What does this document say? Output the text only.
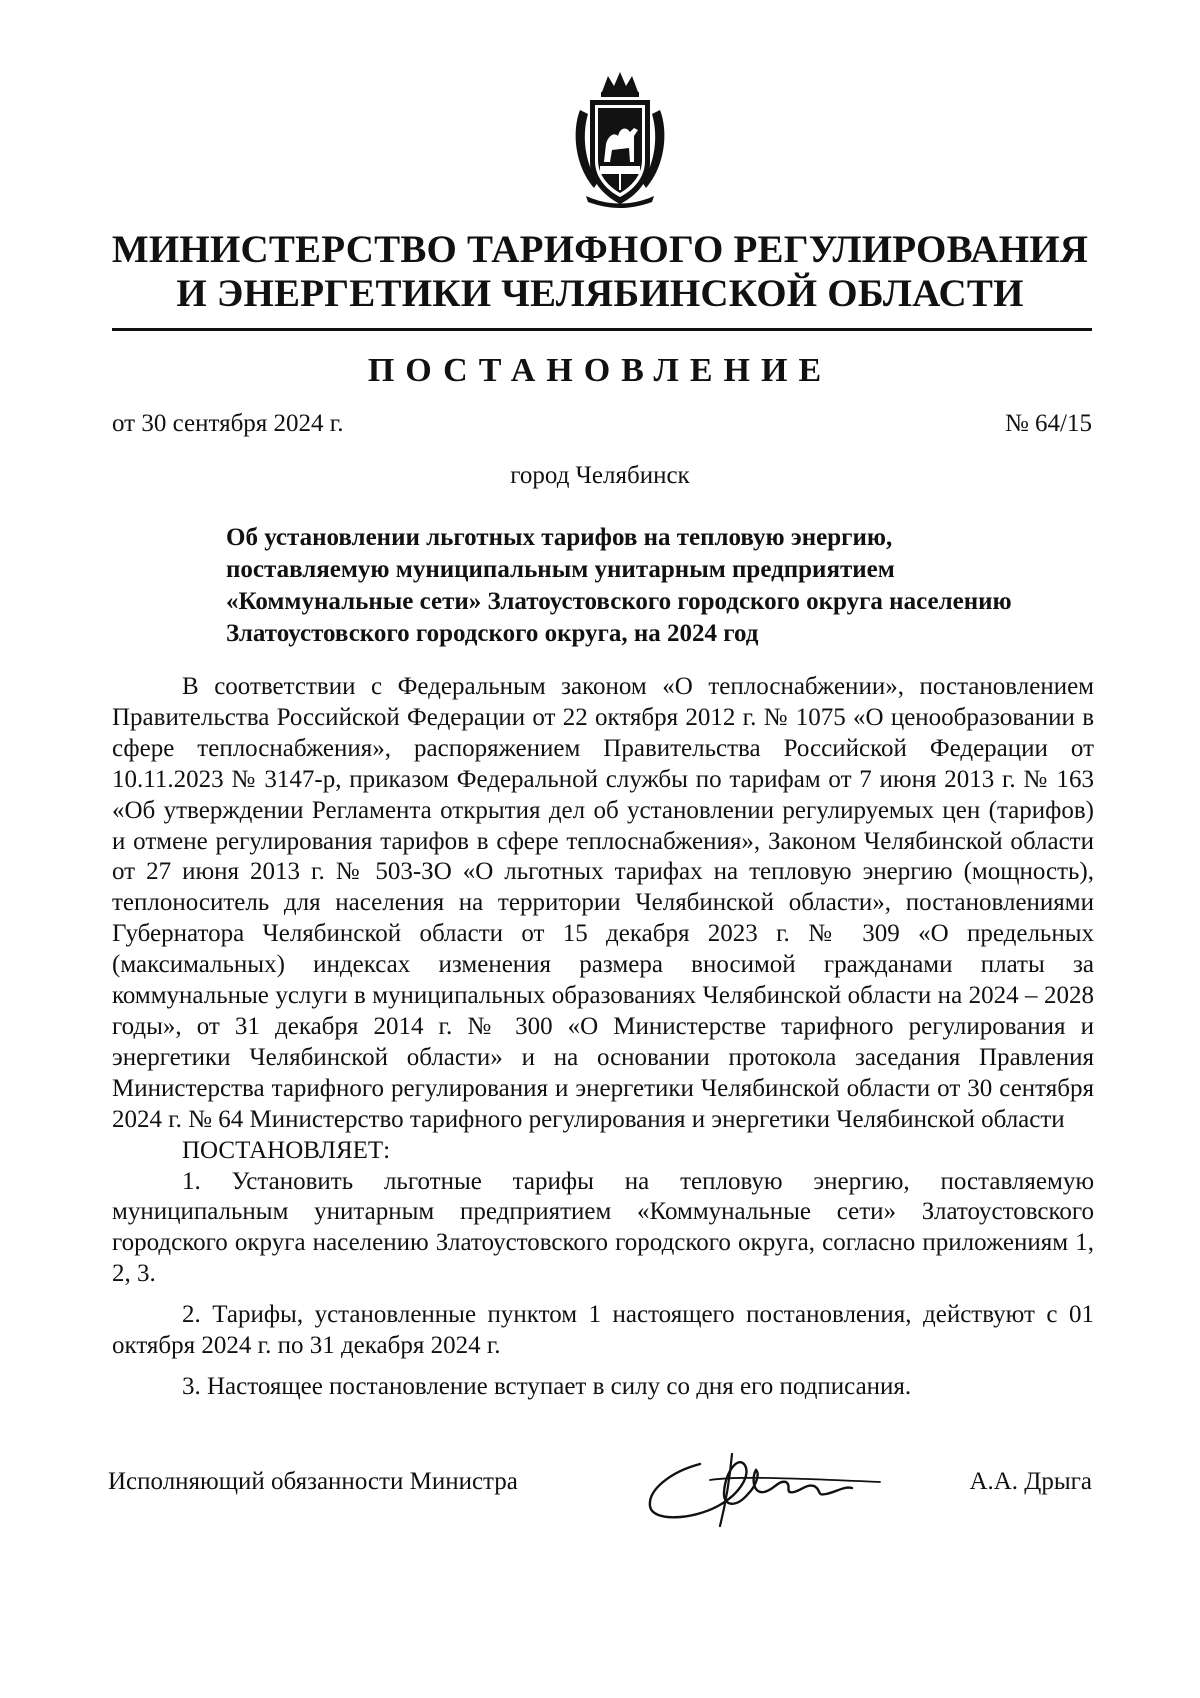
МИНИСТЕРСТВО ТАРИФНОГО РЕГУЛИРОВАНИЯ
И ЭНЕРГЕТИКИ ЧЕЛЯБИНСКОЙ ОБЛАСТИ
ПОСТАНОВЛЕНИЕ
от 30 сентября 2024 г.	№ 64/15
город Челябинск
Об установлении льготных тарифов на тепловую энергию, поставляемую муниципальным унитарным предприятием «Коммунальные сети» Златоустовского городского округа населению Златоустовского городского округа, на 2024 год

В соответствии с Федеральным законом «О теплоснабжении», постановлением Правительства Российской Федерации от 22 октября 2012 г. № 1075 «О ценообразовании в сфере теплоснабжения», распоряжением Правительства Российской Федерации от 10.11.2023 № 3147-р, приказом Федеральной службы по тарифам от 7 июня 2013 г. № 163 «Об утверждении Регламента открытия дел об установлении регулируемых цен (тарифов) и отмене регулирования тарифов в сфере теплоснабжения», Законом Челябинской области от 27 июня 2013 г. № 503-ЗО «О льготных тарифах на тепловую энергию (мощность), теплоноситель для населения на территории Челябинской области», постановлениями Губернатора Челябинской области от 15 декабря 2023 г. № 309 «О предельных (максимальных) индексах изменения размера вносимой гражданами платы за коммунальные услуги в муниципальных образованиях Челябинской области на 2024 – 2028 годы», от 31 декабря 2014 г. № 300 «О Министерстве тарифного регулирования и энергетики Челябинской области» и на основании протокола заседания Правления Министерства тарифного регулирования и энергетики Челябинской области от 30 сентября 2024 г. № 64 Министерство тарифного регулирования и энергетики Челябинской области

ПОСТАНОВЛЯЕТ:

1. Установить льготные тарифы на тепловую энергию, поставляемую муниципальным унитарным предприятием «Коммунальные сети» Златоустовского городского округа населению Златоустовского городского округа, согласно приложениям 1, 2, 3.

2. Тарифы, установленные пунктом 1 настоящего постановления, действуют с 01 октября 2024 г. по 31 декабря 2024 г.

3. Настоящее постановление вступает в силу со дня его подписания.

Исполняющий обязанности Министра	А.А. Дрыга
